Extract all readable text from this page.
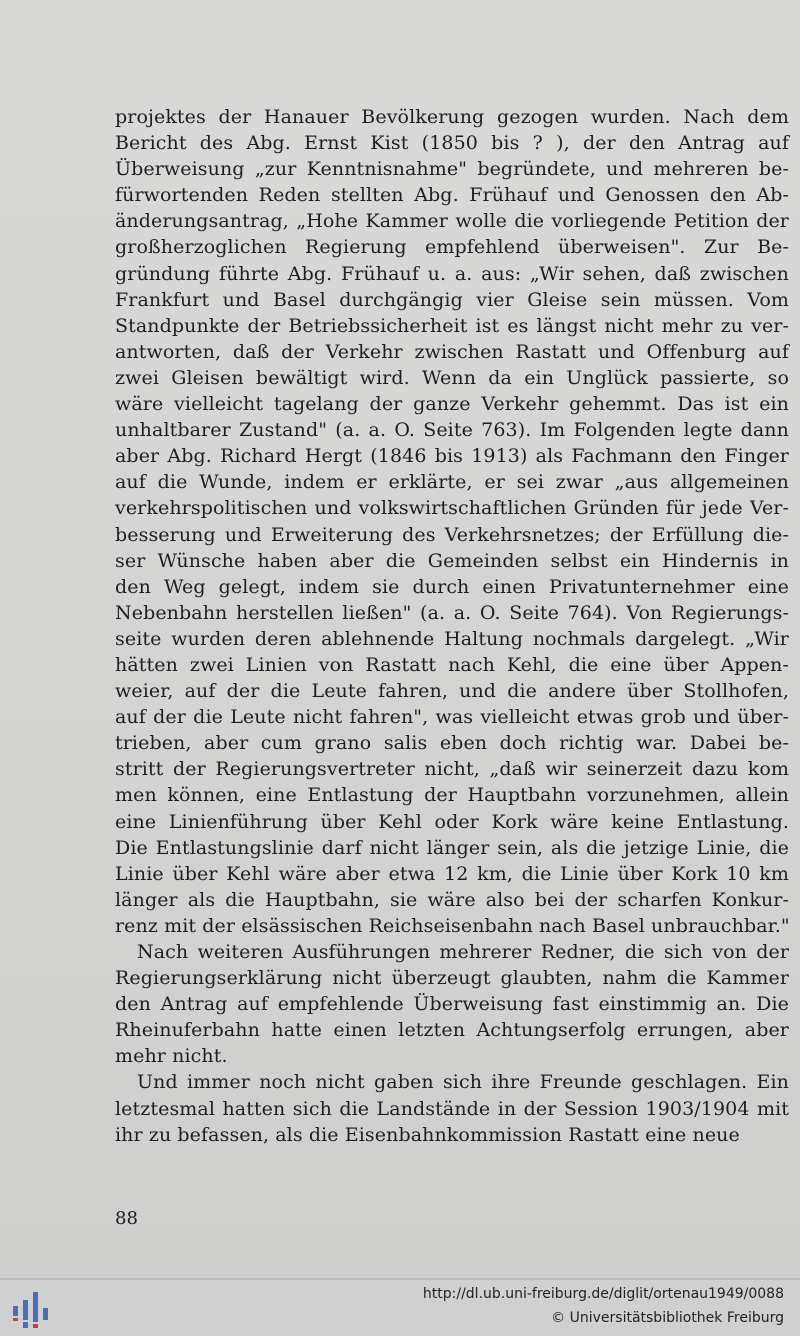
projektes der Hanauer Bevölkerung gezogen wurden. Nach dem
Bericht des Abg. Ernst Kist (1850 bis ? ), der den Antrag auf
Überweisung „zur Kenntnisnahme" begründete, und mehreren be-
fürwortenden Reden stellten Abg. Frühauf und Genossen den Ab-
änderungsantrag, „Hohe Kammer wolle die vorliegende Petition der
großherzoglichen Regierung empfehlend überweisen". Zur Be-
gründung führte Abg. Frühauf u. a. aus: „Wir sehen, daß zwischen
Frankfurt und Basel durchgängig vier Gleise sein müssen. Vom
Standpunkte der Betriebssicherheit ist es längst nicht mehr zu ver-
antworten, daß der Verkehr zwischen Rastatt und Offenburg auf
zwei Gleisen bewältigt wird. Wenn da ein Unglück passierte, so
wäre vielleicht tagelang der ganze Verkehr gehemmt. Das ist ein
unhaltbarer Zustand" (a. a. O. Seite 763). Im Folgenden legte dann
aber Abg. Richard Hergt (1846 bis 1913) als Fachmann den Finger
auf die Wunde, indem er erklärte, er sei zwar „aus allgemeinen
verkehrspolitischen und volkswirtschaftlichen Gründen für jede Ver-
besserung und Erweiterung des Verkehrsnetzes; der Erfüllung die-
ser Wünsche haben aber die Gemeinden selbst ein Hindernis in
den Weg gelegt, indem sie durch einen Privatunternehmer eine
Nebenbahn herstellen ließen" (a. a. O. Seite 764). Von Regierungs-
seite wurden deren ablehnende Haltung nochmals dargelegt. „Wir
hätten zwei Linien von Rastatt nach Kehl, die eine über Appen-
weier, auf der die Leute fahren, und die andere über Stollhofen,
auf der die Leute nicht fahren", was vielleicht etwas grob und über-
trieben, aber cum grano salis eben doch richtig war. Dabei be-
stritt der Regierungsvertreter nicht, „daß wir seinerzeit dazu kom
men können, eine Entlastung der Hauptbahn vorzunehmen, allein
eine Linienführung über Kehl oder Kork wäre keine Entlastung.
Die Entlastungslinie darf nicht länger sein, als die jetzige Linie, die
Linie über Kehl wäre aber etwa 12 km, die Linie über Kork 10 km
länger als die Hauptbahn, sie wäre also bei der scharfen Konkur-
renz mit der elsässischen Reichseisenbahn nach Basel unbrauchbar."
Nach weiteren Ausführungen mehrerer Redner, die sich von der
Regierungserklärung nicht überzeugt glaubten, nahm die Kammer
den Antrag auf empfehlende Überweisung fast einstimmig an. Die
Rheinuferbahn hatte einen letzten Achtungserfolg errungen, aber
mehr nicht.
Und immer noch nicht gaben sich ihre Freunde geschlagen. Ein
letztesmal hatten sich die Landstände in der Session 1903/1904 mit
ihr zu befassen, als die Eisenbahnkommission Rastatt eine neue
88
http://dl.ub.uni-freiburg.de/diglit/ortenau1949/0088
© Universitätsbibliothek Freiburg
